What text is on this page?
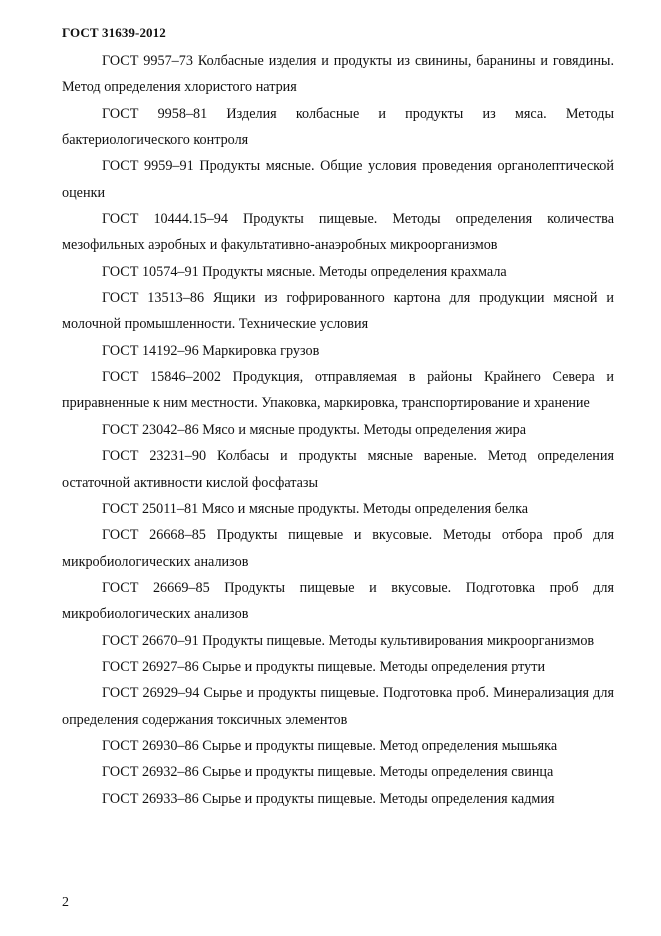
ГОСТ 31639-2012

ГОСТ 9957–73 Колбасные изделия и продукты из свинины, баранины и говядины. Метод определения хлористого натрия

ГОСТ 9958–81 Изделия колбасные и продукты из мяса. Методы бактериологического контроля

ГОСТ 9959–91 Продукты мясные. Общие условия проведения органолептической оценки

ГОСТ 10444.15–94 Продукты пищевые. Методы определения количества мезофильных аэробных и факультативно-анаэробных микроорганизмов

ГОСТ 10574–91 Продукты мясные. Методы определения крахмала

ГОСТ 13513–86 Ящики из гофрированного картона для продукции мясной и молочной промышленности. Технические условия

ГОСТ 14192–96 Маркировка грузов

ГОСТ 15846–2002 Продукция, отправляемая в районы Крайнего Севера и приравненные к ним местности. Упаковка, маркировка, транспортирование и хранение

ГОСТ 23042–86 Мясо и мясные продукты. Методы определения жира

ГОСТ 23231–90 Колбасы и продукты мясные вареные. Метод определения остаточной активности кислой фосфатазы

ГОСТ 25011–81 Мясо и мясные продукты. Методы определения белка

ГОСТ 26668–85 Продукты пищевые и вкусовые. Методы отбора проб для микробиологических анализов

ГОСТ 26669–85 Продукты пищевые и вкусовые. Подготовка проб для микробиологических анализов

ГОСТ 26670–91 Продукты пищевые. Методы культивирования микроорганизмов

ГОСТ 26927–86 Сырье и продукты пищевые. Методы определения ртути

ГОСТ 26929–94 Сырье и продукты пищевые. Подготовка проб. Минерализация для определения содержания токсичных элементов

ГОСТ 26930–86 Сырье и продукты пищевые. Метод определения мышьяка

ГОСТ 26932–86 Сырье и продукты пищевые. Методы определения свинца

ГОСТ 26933–86 Сырье и продукты пищевые. Методы определения кадмия

2
